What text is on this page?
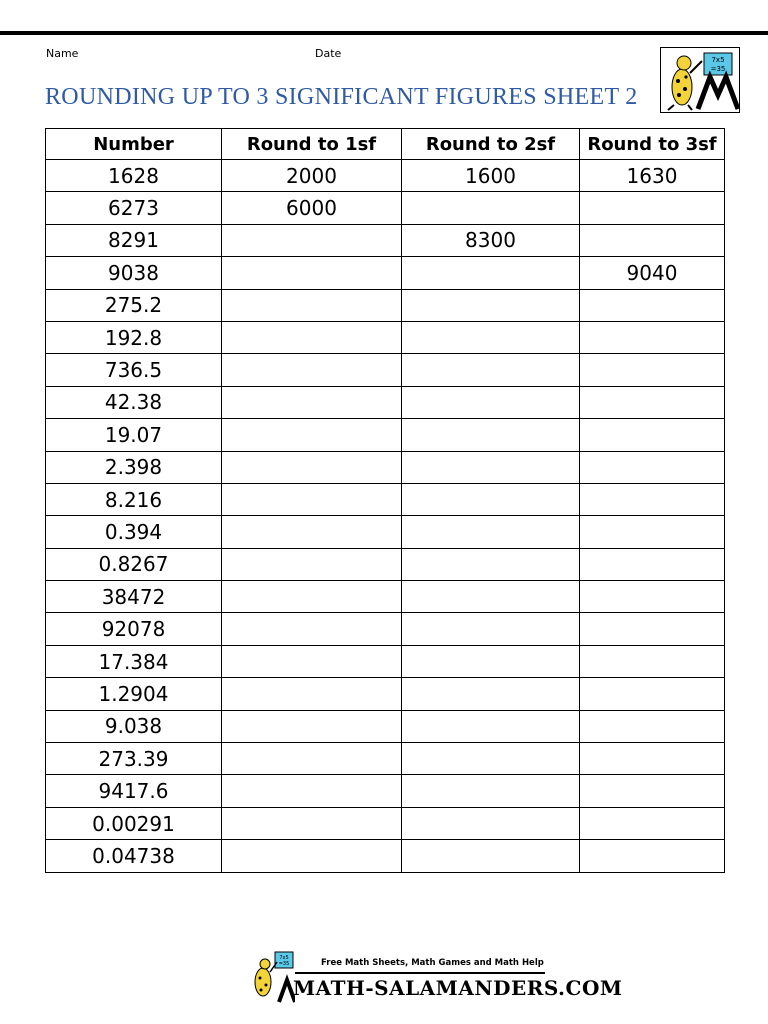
Name	Date
ROUNDING UP TO 3 SIGNIFICANT FIGURES SHEET 2
7x5
=35
Number	Round to 1sf	Round to 2sf	Round to 3sf
1628	2000	1600	1630
6273	6000		
8291		8300	
9038			9040
275.2			
192.8			
736.5			
42.38			
19.07			
2.398			
8.216			
0.394			
0.8267			
38472			
92078			
17.384			
1.2904			
9.038			
273.39			
9417.6			
0.00291			
0.04738			
7x5
=35	Free Math Sheets, Math Games and Math Help
MATH-SALAMANDERS.COM
